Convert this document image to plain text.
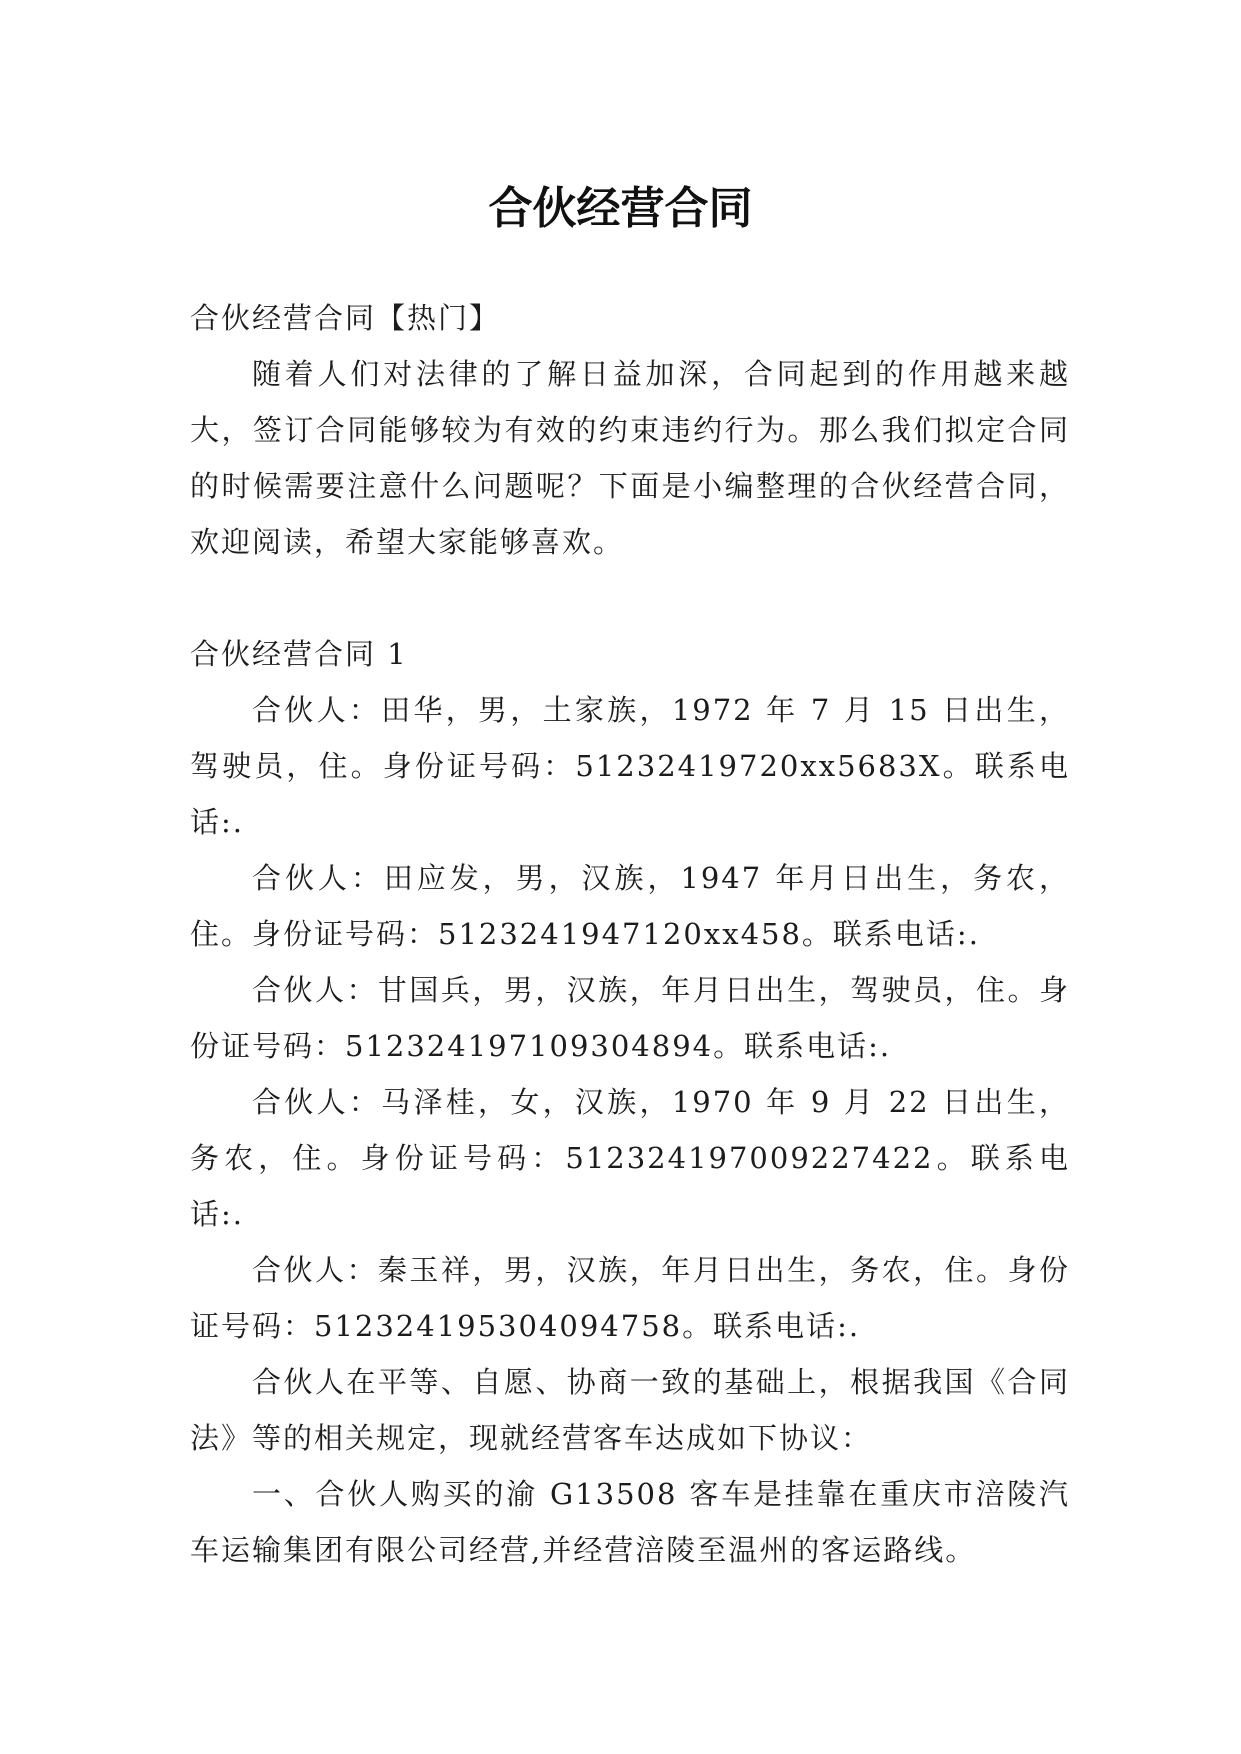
合伙经营合同

合伙经营合同【热门】

随着人们对法律的了解日益加深，合同起到的作用越来越大，签订合同能够较为有效的约束违约行为。那么我们拟定合同的时候需要注意什么问题呢？下面是小编整理的合伙经营合同，欢迎阅读，希望大家能够喜欢。

合伙经营合同 1

合伙人：田华，男，土家族，1972 年 7 月 15 日出生，驾驶员，住。身份证号码：51232419720xx5683X。联系电话:.

合伙人：田应发，男，汉族，1947 年月日出生，务农，住。身份证号码：5123241947120xx458。联系电话:.

合伙人：甘国兵，男，汉族，年月日出生，驾驶员，住。身份证号码：512324197109304894。联系电话:.

合伙人：马泽桂，女，汉族，1970 年 9 月 22 日出生，务农，住。身份证号码：512324197009227422。联系电话:.

合伙人：秦玉祥，男，汉族，年月日出生，务农，住。身份证号码：512324195304094758。联系电话:.

合伙人在平等、自愿、协商一致的基础上，根据我国《合同法》等的相关规定，现就经营客车达成如下协议：

一、合伙人购买的渝 G13508 客车是挂靠在重庆市涪陵汽车运输集团有限公司经营,并经营涪陵至温州的客运路线。
